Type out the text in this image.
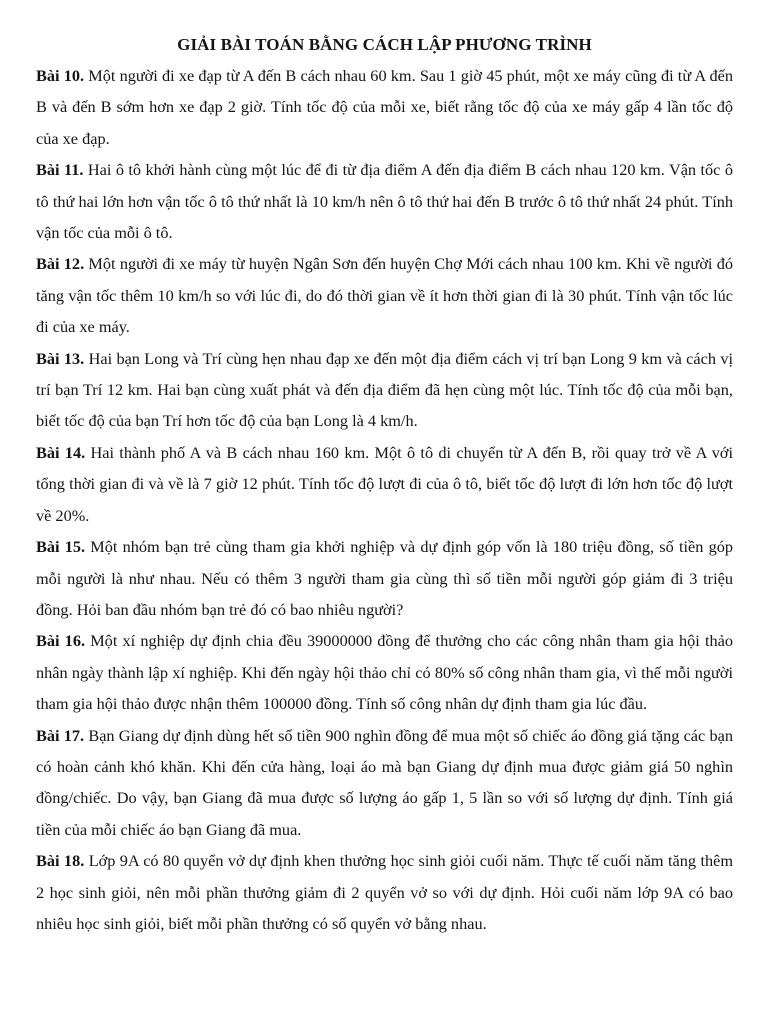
GIẢI BÀI TOÁN BẰNG CÁCH LẬP PHƯƠNG TRÌNH

Bài 10. Một người đi xe đạp từ A đến B cách nhau 60 km. Sau 1 giờ 45 phút, một xe máy cũng đi từ A đến B và đến B sớm hơn xe đạp 2 giờ. Tính tốc độ của mỗi xe, biết rằng tốc độ của xe máy gấp 4 lần tốc độ của xe đạp.

Bài 11. Hai ô tô khởi hành cùng một lúc để đi từ địa điểm A đến địa điểm B cách nhau 120 km. Vận tốc ô tô thứ hai lớn hơn vận tốc ô tô thứ nhất là 10 km/h nên ô tô thứ hai đến B trước ô tô thứ nhất 24 phút. Tính vận tốc của mỗi ô tô.

Bài 12. Một người đi xe máy từ huyện Ngân Sơn đến huyện Chợ Mới cách nhau 100 km. Khi về người đó tăng vận tốc thêm 10 km/h so với lúc đi, do đó thời gian về ít hơn thời gian đi là 30 phút. Tính vận tốc lúc đi của xe máy.

Bài 13. Hai bạn Long và Trí cùng hẹn nhau đạp xe đến một địa điểm cách vị trí bạn Long 9 km và cách vị trí bạn Trí 12 km. Hai bạn cùng xuất phát và đến địa điểm đã hẹn cùng một lúc. Tính tốc độ của mỗi bạn, biết tốc độ của bạn Trí hơn tốc độ của bạn Long là 4 km/h.

Bài 14. Hai thành phố A và B cách nhau 160 km. Một ô tô di chuyển từ A đến B, rồi quay trở về A với tổng thời gian đi và về là 7 giờ 12 phút. Tính tốc độ lượt đi của ô tô, biết tốc độ lượt đi lớn hơn tốc độ lượt về 20%.

Bài 15. Một nhóm bạn trẻ cùng tham gia khởi nghiệp và dự định góp vốn là 180 triệu đồng, số tiền góp mỗi người là như nhau. Nếu có thêm 3 người tham gia cùng thì số tiền mỗi người góp giảm đi 3 triệu đồng. Hỏi ban đầu nhóm bạn trẻ đó có bao nhiêu người?

Bài 16. Một xí nghiệp dự định chia đều 39000000 đồng để thưởng cho các công nhân tham gia hội thảo nhân ngày thành lập xí nghiệp. Khi đến ngày hội thảo chỉ có 80% số công nhân tham gia, vì thế mỗi người tham gia hội thảo được nhận thêm 100000 đồng. Tính số công nhân dự định tham gia lúc đầu.

Bài 17. Bạn Giang dự định dùng hết số tiền 900 nghìn đồng để mua một số chiếc áo đồng giá tặng các bạn có hoàn cảnh khó khăn. Khi đến cửa hàng, loại áo mà bạn Giang dự định mua được giảm giá 50 nghìn đồng/chiếc. Do vậy, bạn Giang đã mua được số lượng áo gấp 1, 5 lần so với số lượng dự định. Tính giá tiền của mỗi chiếc áo bạn Giang đã mua.

Bài 18. Lớp 9A có 80 quyển vở dự định khen thưởng học sinh giỏi cuối năm. Thực tế cuối năm tăng thêm 2 học sinh giỏi, nên mỗi phần thưởng giảm đi 2 quyển vở so với dự định. Hỏi cuối năm lớp 9A có bao nhiêu học sinh giỏi, biết mỗi phần thưởng có số quyển vở bằng nhau.
